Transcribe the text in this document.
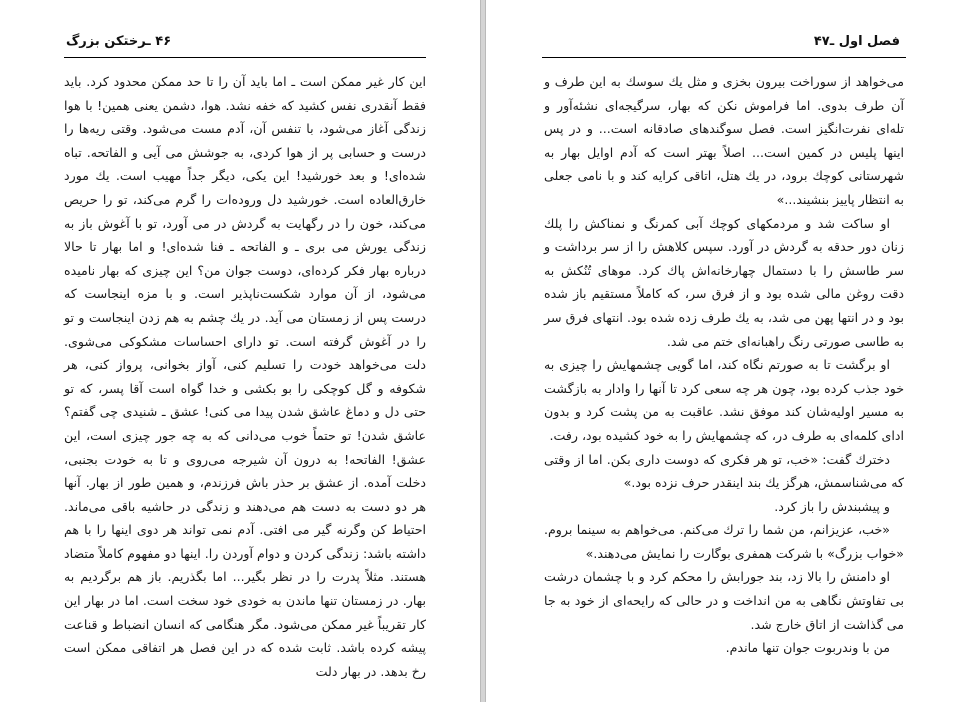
۴۶ ـرختکن بزرگ

این کار غیر ممکن است ـ اما باید آن را تا حد ممکن محدود کرد. باید فقط آنقدری نفس کشید که خفه نشد. هوا، دشمن یعنی همین! با هوا زندگی آغاز می‌شود، با تنفس آن، آدم مست می‌شود. وقتی ریه‌ها را درست و حسابی پر از هوا کردی، به جوشش می آیی و الفاتحه. تباه شده‌ای! و بعد خورشید! این یکی، دیگر جداً مهیب است. یك مورد خارق‌العاده است. خورشید دل وروده‌ات را گرم می‌کند، تو را حریص می‌کند، خون را در رگهایت به گردش در می آورد، تو با آغوش باز به زندگی یورش می بری ـ و الفاتحه ـ فنا شده‌ای! و اما بهار تا حالا درباره بهار فکر کرده‌ای، دوست جوان من؟ این چیزی که بهار نامیده می‌شود، از آن موارد شکست‌ناپذیر است. و با مزه اینجاست که درست پس از زمستان می آید. در یك چشم به هم زدن اینجاست و تو را در آغوش گرفته است. تو دارای احساسات مشکوکی می‌شوی. دلت می‌خواهد خودت را تسلیم کنی، آواز بخوانی، پرواز کنی، هر شکوفه و گل کوچکی را بو بکشی و خدا گواه است آقا پسر، که تو حتی دل و دماغ عاشق شدن پیدا می کنی! عشق ـ شنیدی چی گفتم؟ عاشق شدن! تو حتماً خوب می‌دانی که به چه جور چیزی است، این عشق! الفاتحه! به درون آن شیرجه می‌روی و تا به خودت بجنبی، دخلت آمده. از عشق بر حذر باش فرزندم، و همین طور از بهار. آنها هر دو دست به دست هم می‌دهند و زندگی در حاشیه باقی می‌ماند. احتیاط کن وگرنه گیر می افتی. آدم نمی تواند هر دوی اینها را با هم داشته باشد: زندگی کردن و دوام آوردن را. اینها دو مفهوم کاملاً متضاد هستند. مثلاً پدرت را در نظر بگیر... اما بگذریم. باز هم برگردیم به بهار. در زمستان تنها ماندن به خودی خود سخت است. اما در بهار این کار تقریباً غیر ممکن می‌شود. مگر هنگامی که انسان انضباط و قناعت پیشه کرده باشد. ثابت شده که در این فصل هر اتفاقی ممکن است رخ بدهد. در بهار دلت

فصل اول ـ۴۷

می‌خواهد از سوراخت بیرون بخزی و مثل یك سوسك به این طرف و آن طرف بدوی. اما فراموش نکن که بهار، سرگیجه‌ای نشئه‌آور و تله‌ای نفرت‌انگیز است. فصل سوگندهای صادقانه است... و در پس اینها پلیس در کمین است... اصلاً بهتر است که آدم اوایل بهار به شهرستانی کوچك برود، در یك هتل، اتاقی کرایه کند و با نامی جعلی به انتظار پاییز بنشیند...»

او ساکت شد و مردمکهای کوچك آبی کمرنگ و نمناکش را پلك زنان دور حدقه به گردش در آورد. سپس کلاهش را از سر برداشت و سر طاسش را با دستمال چهارخانه‌اش پاك کرد. موهای تُنُکش به دقت روغن مالی شده بود و از فرق سر، که کاملاً مستقیم باز شده بود و در انتها پهن می شد، به یك طرف زده شده بود. انتهای فرق سر به طاسی صورتی رنگ راهبانه‌ای ختم می شد.

او برگشت تا به صورتم نگاه کند، اما گویی چشمهایش را چیزی به خود جذب کرده بود، چون هر چه سعی کرد تا آنها را وادار به بازگشت به مسیر اولیه‌شان کند موفق نشد. عاقبت به من پشت کرد و بدون ادای کلمه‌ای به طرف در، که چشمهایش را به خود کشیده بود، رفت.

دخترك گفت: «خب، تو هر فکری که دوست داری بکن. اما از وقتی که می‌شناسمش، هرگز یك بند اینقدر حرف نزده بود.»

و پیشبندش را باز کرد.

«خب، عزیزانم، من شما را ترك می‌کنم. می‌خواهم به سینما بروم. «خواب بزرگ» با شرکت همفری بوگارت را نمایش می‌دهند.»

او دامنش را بالا زد، بند جورابش را محکم کرد و با چشمان درشت بی تفاوتش نگاهی به من انداخت و در حالی که رایحه‌ای از خود به جا می گذاشت از اتاق خارج شد.

من با وندربوت جوان تنها ماندم.
